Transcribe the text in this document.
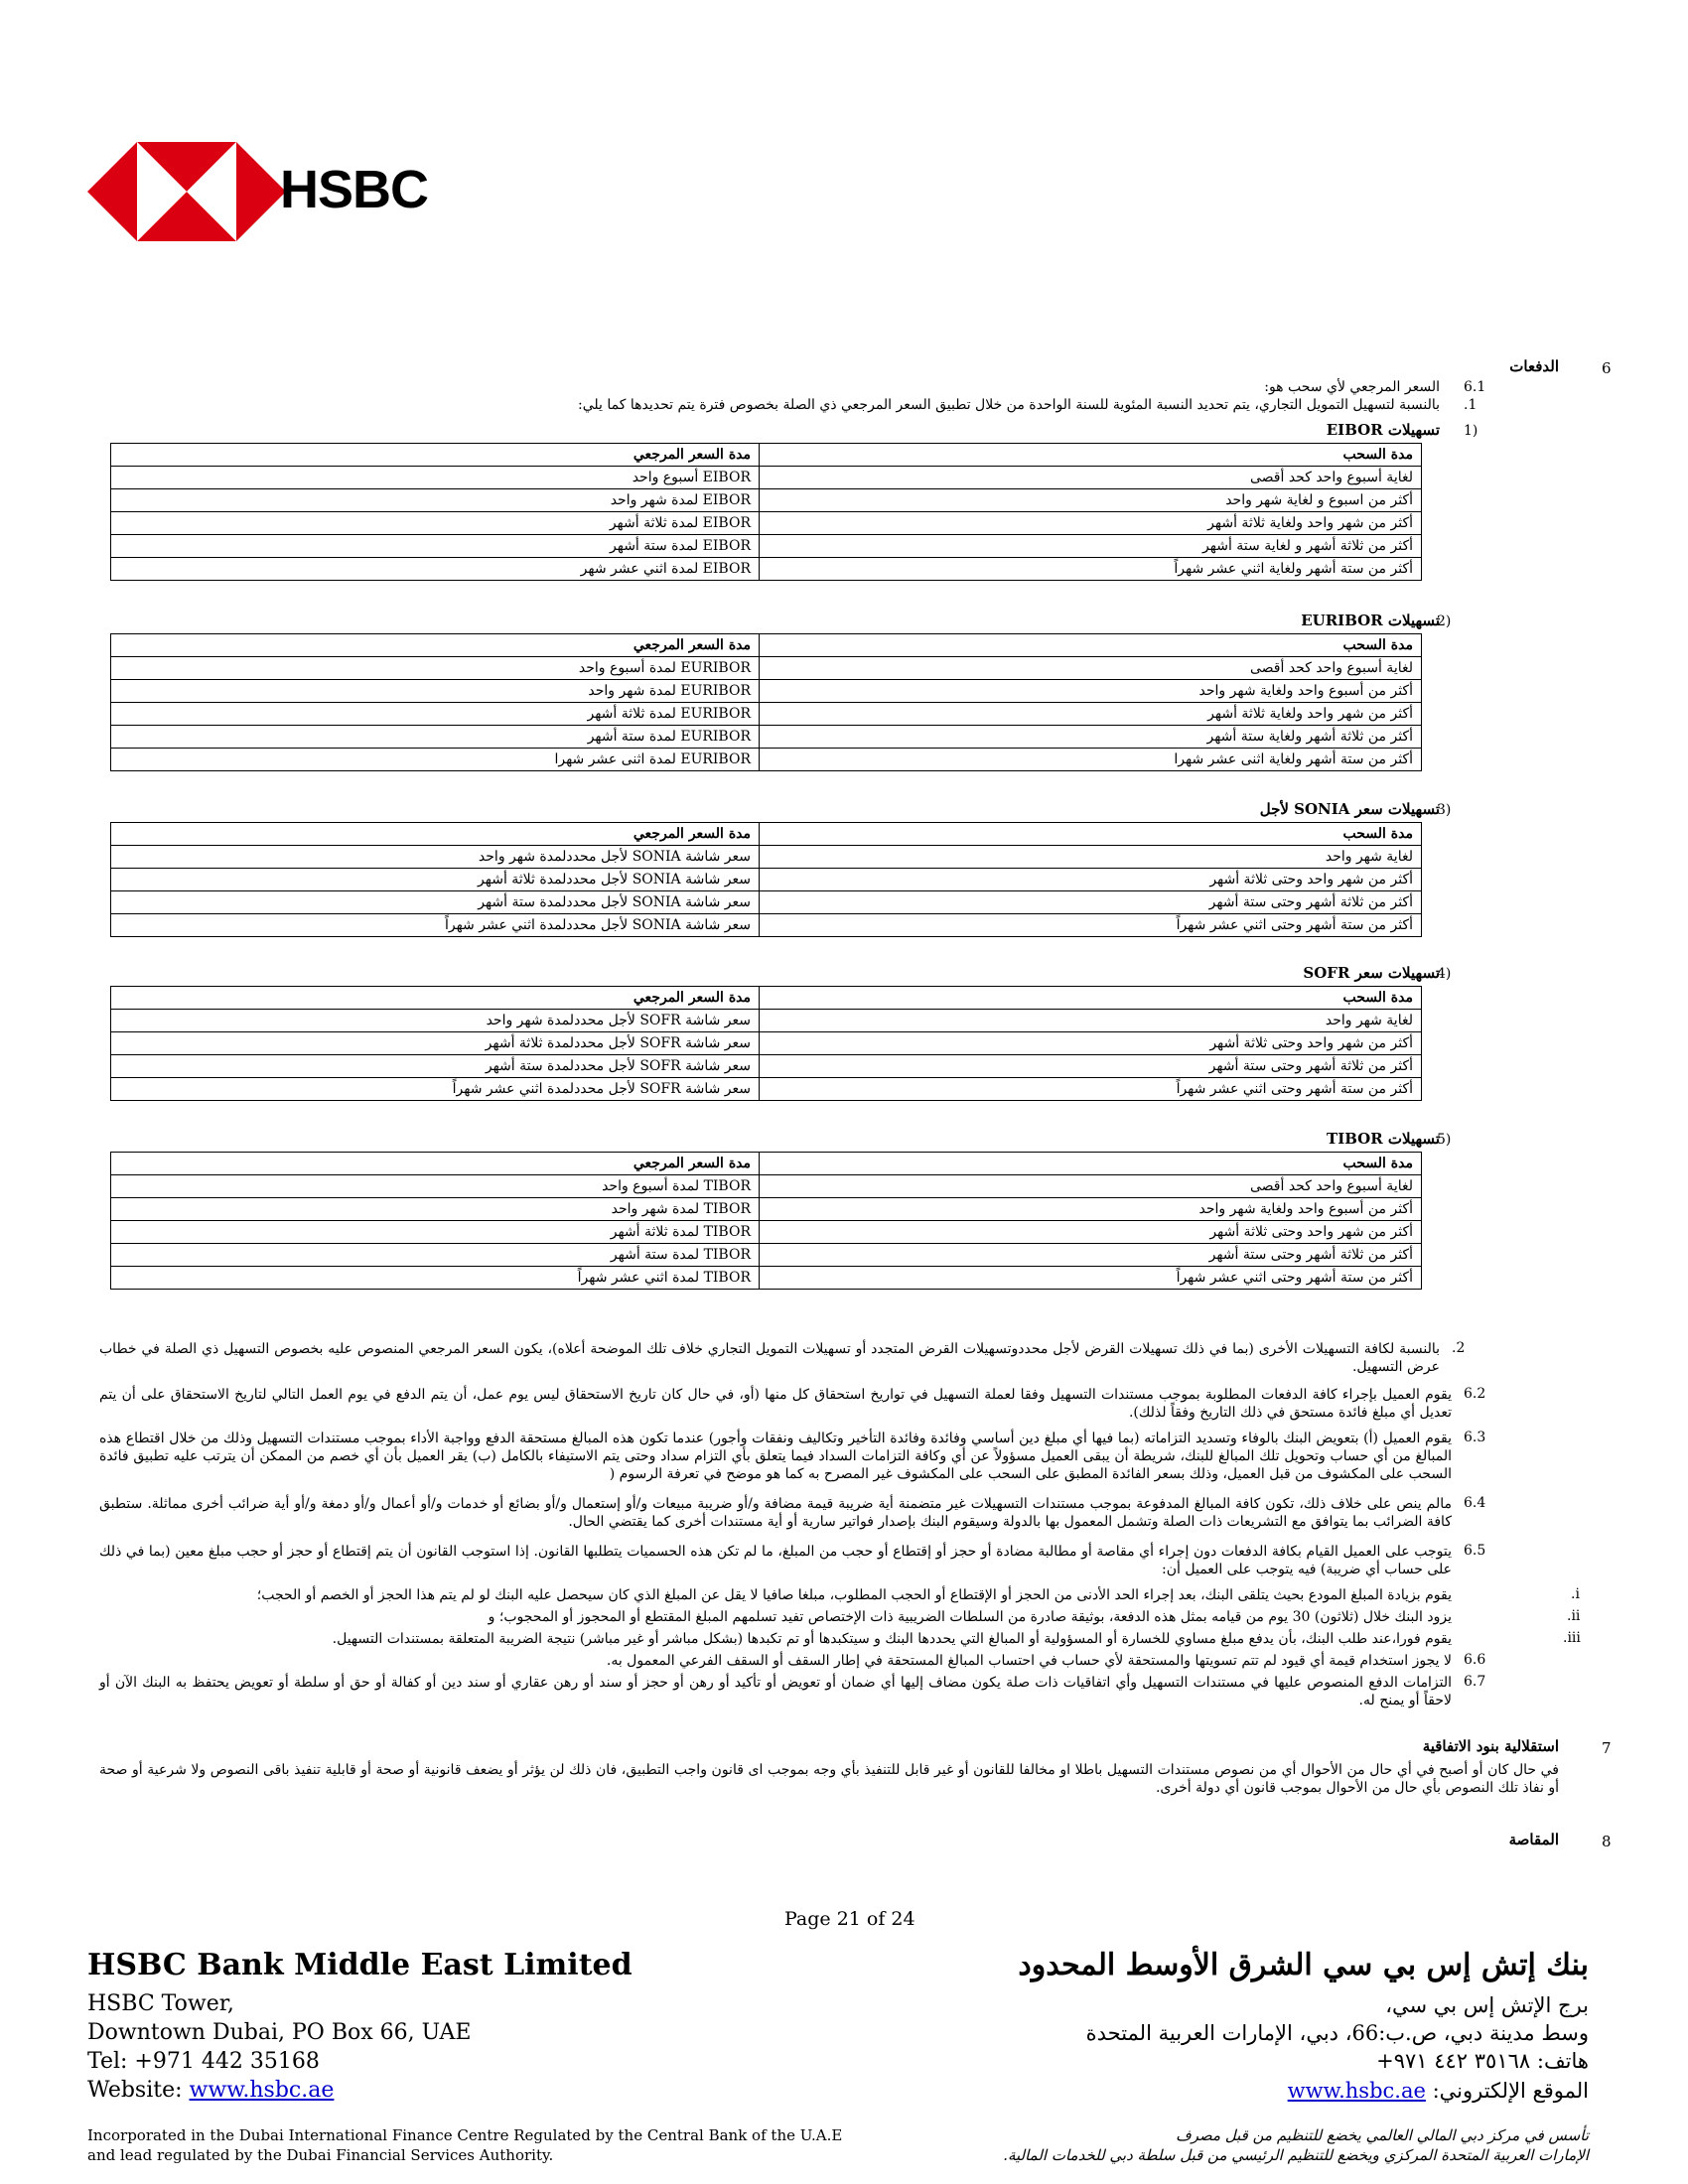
HSBC
6
الدفعات
6.1
السعر المرجعي لأي سحب هو:
.1
بالنسبة لتسهيل التمويل التجاري، يتم تحديد النسبة المئوية للسنة الواحدة من خلال تطبيق السعر المرجعي ذي الصلة بخصوص فترة يتم تحديدها كما يلي:
1)
تسهيلات EIBOR
مدة السحب	مدة السعر المرجعي
لغاية أسبوع واحد كحد أقصى	EIBOR أسبوع واحد
أكثر من اسبوع و لغاية شهر واحد	EIBOR لمدة شهر واحد
أكثر من شهر واحد ولغاية ثلاثة أشهر	EIBOR لمدة ثلاثة أشهر
أكثر من ثلاثة أشهر و لغاية ستة أشهر	EIBOR لمدة ستة أشهر
أكثر من ستة أشهر ولغاية اثني عشر شهراً	EIBOR لمدة اثني عشر شهر
2)
تسهيلات EURIBOR
مدة السحب	مدة السعر المرجعي
لغاية أسبوع واحد كحد أقصى	EURIBOR لمدة أسبوع واحد
أكثر من أسبوع واحد ولغاية شهر واحد	EURIBOR لمدة شهر واحد
أكثر من شهر واحد ولغاية ثلاثة أشهر	EURIBOR لمدة ثلاثة أشهر
أكثر من ثلاثة أشهر ولغاية ستة أشهر	EURIBOR لمدة ستة أشهر
أكثر من ستة أشهر ولغاية اثنى عشر شهرا	EURIBOR لمدة اثنى عشر شهرا
3)
تسهيلات سعر SONIA لأجل
مدة السحب	مدة السعر المرجعي
لغاية شهر واحد	سعر شاشة SONIA لأجل محددلمدة شهر واحد
أكثر من شهر واحد وحتى ثلاثة أشهر	سعر شاشة SONIA لأجل محددلمدة ثلاثة أشهر
أكثر من ثلاثة أشهر وحتى ستة أشهر	سعر شاشة SONIA لأجل محددلمدة ستة أشهر
أكثر من ستة أشهر وحتى اثني عشر شهراً	سعر شاشة SONIA لأجل محددلمدة اثني عشر شهراً
4)
تسهيلات سعر SOFR
مدة السحب	مدة السعر المرجعي
لغاية شهر واحد	سعر شاشة SOFR لأجل محددلمدة شهر واحد
أكثر من شهر واحد وحتى ثلاثة أشهر	سعر شاشة SOFR لأجل محددلمدة ثلاثة أشهر
أكثر من ثلاثة أشهر وحتى ستة أشهر	سعر شاشة SOFR لأجل محددلمدة ستة أشهر
أكثر من ستة أشهر وحتى اثني عشر شهراً	سعر شاشة SOFR لأجل محددلمدة اثني عشر شهراً
5)
تسهيلات TIBOR
مدة السحب	مدة السعر المرجعي
لغاية أسبوع واحد كحد أقصى	TIBOR لمدة أسبوع واحد
أكثر من أسبوع واحد ولغاية شهر واحد	TIBOR لمدة شهر واحد
أكثر من شهر واحد وحتى ثلاثة أشهر	TIBOR لمدة ثلاثة أشهر
أكثر من ثلاثة أشهر وحتى ستة أشهر	TIBOR لمدة ستة أشهر
أكثر من ستة أشهر وحتى اثني عشر شهراً	TIBOR لمدة اثني عشر شهراً
.2
بالنسبة لكافة التسهيلات الأخرى (بما في ذلك تسهيلات القرض لأجل محددوتسهيلات القرض المتجدد أو تسهيلات التمويل التجاري خلاف تلك الموضحة أعلاه)، يكون السعر المرجعي المنصوص عليه بخصوص التسهيل ذي الصلة في خطاب عرض التسهيل.
6.2
يقوم العميل بإجراء كافة الدفعات المطلوبة بموجب مستندات التسهيل وفقا لعملة التسهيل في تواريخ استحقاق كل منها (أو، في حال كان تاريخ الاستحقاق ليس يوم عمل، أن يتم الدفع في يوم العمل التالي لتاريخ الاستحقاق على أن يتم تعديل أي مبلغ فائدة مستحق في ذلك التاريخ وفقاً لذلك).
6.3
يقوم العميل (أ) بتعويض البنك بالوفاء وتسديد التزاماته (بما فيها أي مبلغ دين أساسي وفائدة وفائدة التأخير وتكاليف ونفقات وأجور) عندما تكون هذه المبالغ مستحقة الدفع وواجبة الأداء بموجب مستندات التسهيل وذلك من خلال اقتطاع هذه المبالغ من أي حساب وتحويل تلك المبالغ للبنك، شريطة أن يبقى العميل مسؤولاً عن أي وكافة التزامات السداد فيما يتعلق بأي التزام سداد وحتى يتم الاستيفاء بالكامل (ب) يقر العميل بأن أي خصم من الممكن أن يترتب عليه تطبيق فائدة السحب على المكشوف من قبل العميل، وذلك بسعر الفائدة المطبق على السحب على المكشوف غير المصرح به كما هو موضح في تعرفة الرسوم (
6.4
مالم ينص على خلاف ذلك، تكون كافة المبالغ المدفوعة بموجب مستندات التسهيلات غير متضمنة أية ضريبة قيمة مضافة و/أو ضريبة مبيعات و/أو إستعمال و/أو بضائع أو خدمات و/أو أعمال و/أو دمغة و/أو أية ضرائب أخرى مماثلة. ستطبق كافة الضرائب بما يتوافق مع التشريعات ذات الصلة وتشمل المعمول بها بالدولة وسيقوم البنك بإصدار فواتير سارية أو أية مستندات أخرى كما يقتضي الحال.
6.5
يتوجب على العميل القيام بكافة الدفعات دون إجراء أي مقاصة أو مطالبة مضادة أو حجز أو إقتطاع أو حجب من المبلغ، ما لم تكن هذه الحسميات يتطلبها القانون. إذا استوجب القانون أن يتم إقتطاع أو حجز أو حجب مبلغ معين (بما في ذلك على حساب أي ضريبة) فيه يتوجب على العميل أن:
.i
يقوم بزيادة المبلغ المودع بحيث يتلقى البنك، بعد إجراء الحد الأدنى من الحجز أو الإقتطاع أو الحجب المطلوب، مبلغا صافيا لا يقل عن المبلغ الذي كان سيحصل عليه البنك لو لم يتم هذا الحجز أو الخصم أو الحجب؛
.ii
يزود البنك خلال (ثلاثون) 30 يوم من قيامه بمثل هذه الدفعة، بوثيقة صادرة من السلطات الضريبية ذات الإختصاص تفيد تسلمهم المبلغ المقتطع أو المحجوز أو المحجوب؛ و
.iii
يقوم فورا،عند طلب البنك، بأن يدفع مبلغ مساوي للخسارة أو المسؤولية أو المبالغ التي يحددها البنك و سيتكبدها أو تم تكبدها (بشكل مباشر أو غير مباشر) نتيجة الضريبة المتعلقة بمستندات التسهيل.
6.6
لا يجوز استخدام قيمة أي قيود لم تتم تسويتها والمستحقة لأي حساب في احتساب المبالغ المستحقة في إطار السقف أو السقف الفرعي المعمول به.
6.7
التزامات الدفع المنصوص عليها في مستندات التسهيل وأي اتفاقيات ذات صلة يكون مضاف إليها أي ضمان أو تعويض أو تأكيد أو رهن أو حجز أو سند أو رهن عقاري أو سند دين أو كفالة أو حق أو سلطة أو تعويض يحتفظ به البنك الآن أو لاحقاً أو يمنح له.
7
استقلالية بنود الاتفاقية
في حال كان أو أصبح في أي حال من الأحوال أي من نصوص مستندات التسهيل باطلا او مخالفا للقانون أو غير قابل للتنفيذ بأي وجه بموجب اى قانون واجب التطبيق، فان ذلك لن يؤثر أو يضعف قانونية أو صحة أو قابلية تنفيذ باقى النصوص ولا شرعية أو صحة أو نفاذ تلك النصوص بأي حال من الأحوال بموجب قانون أي دولة أخرى.
8
المقاصة
Page 21 of 24
HSBC Bank Middle East Limited
HSBC Tower,
Downtown Dubai, PO Box 66, UAE
Tel: +971 442 35168
Website: www.hsbc.ae
بنك إتش إس بي سي الشرق الأوسط المحدود
برج الإتش إس بي سي،
وسط مدينة دبي، ص.ب:66، دبي، الإمارات العربية المتحدة
هاتف: ٣٥١٦٨ ٤٤٢ ٩٧١+
الموقع الإلكتروني: www.hsbc.ae
Incorporated in the Dubai International Finance Centre Regulated by the Central Bank of the U.A.E
and lead regulated by the Dubai Financial Services Authority.
تأسس في مركز دبي المالي العالمي يخضع للتنظيم من قبل مصرف
الإمارات العربية المتحدة المركزي ويخضع للتنظيم الرئيسي من قبل سلطة دبي للخدمات المالية.
